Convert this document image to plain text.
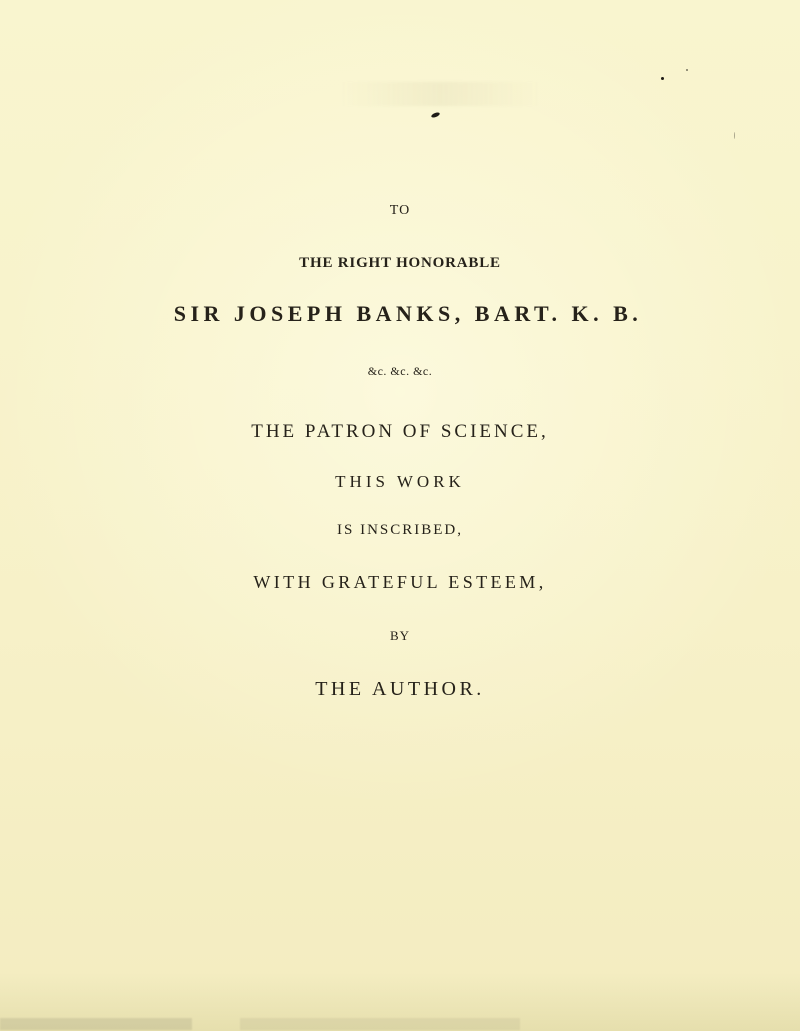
TO
THE RIGHT HONORABLE
SIR JOSEPH BANKS, BART. K. B.
&c. &c. &c.
THE PATRON OF SCIENCE,
THIS WORK
IS INSCRIBED,
WITH GRATEFUL ESTEEM,
BY
THE AUTHOR.
